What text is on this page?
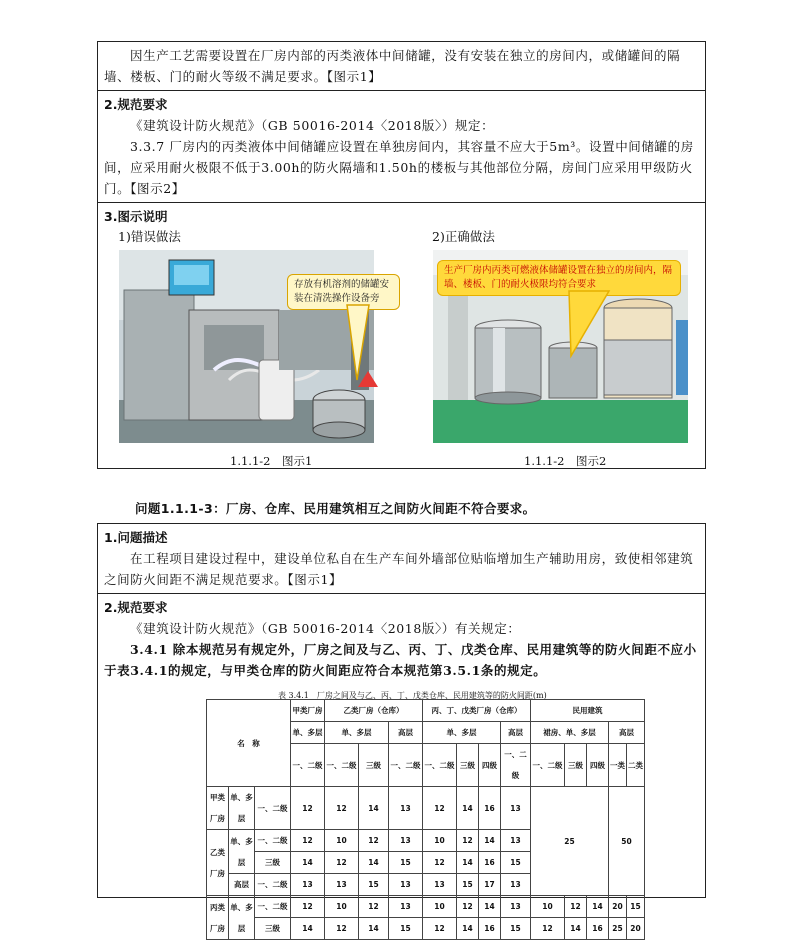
因生产工艺需要设置在厂房内部的丙类液体中间储罐，没有安装在独立的房间内，或储罐间的隔墙、楼板、门的耐火等级不满足要求。【图示1】
2.规范要求
《建筑设计防火规范》（GB 50016-2014〈2018版〉）规定：
3.3.7 厂房内的丙类液体中间储罐应设置在单独房间内，其容量不应大于5m³。设置中间储罐的房间，应采用耐火极限不低于3.00h的防火隔墙和1.50h的楼板与其他部位分隔，房间门应采用甲级防火门。【图示2】
3.图示说明
1)错误做法	2)正确做法
存放有机溶剂的储罐安装在清洗操作设备旁
生产厂房内丙类可燃液体储罐设置在独立的房间内，隔墙、楼板、门的耐火极限均符合要求
1.1.1-2　图示1	1.1.1-2　图示2
问题1.1.1-3：厂房、仓库、民用建筑相互之间防火间距不符合要求。
1.问题描述
在工程项目建设过程中，建设单位私自在生产车间外墙部位贴临增加生产辅助用房，致使相邻建筑之间防火间距不满足规范要求。【图示1】
2.规范要求
《建筑设计防火规范》（GB 50016-2014〈2018版〉）有关规定：
3.4.1 除本规范另有规定外，厂房之间及与乙、丙、丁、戊类仓库、民用建筑等的防火间距不应小于表3.4.1的规定，与甲类仓库的防火间距应符合本规范第3.5.1条的规定。
表 3.4.1　厂房之间及与乙、丙、丁、戊类仓库、民用建筑等的防火间距(m)
名　称			甲类厂房	乙类厂房（仓库）			丙、丁、戊类厂房（仓库）				民用建筑				
			单、多层	单、多层		高层	单、多层			高层	裙房、单、多层			高层	
			一、二级	一、二级	三级	一、二级	一、二级	三级	四级	一、二级	一、二级	三级	四级	一类	二类
甲类厂房	单、多层	一、二级	12	12	14	13	12	14	16	13	25			50	
乙类厂房	单、多层	一、二级	12	10	12	13	10	12	14	13					
		三级	14	12	14	15	12	14	16	15					
	高层	一、二级	13	13	15	13	13	15	17	13					
丙类厂房	单、多层	一、二级	12	10	12	13	10	12	14	13	10	12	14	20	15
		三级	14	12	14	15	12	14	16	15	12	14	16	25	20
